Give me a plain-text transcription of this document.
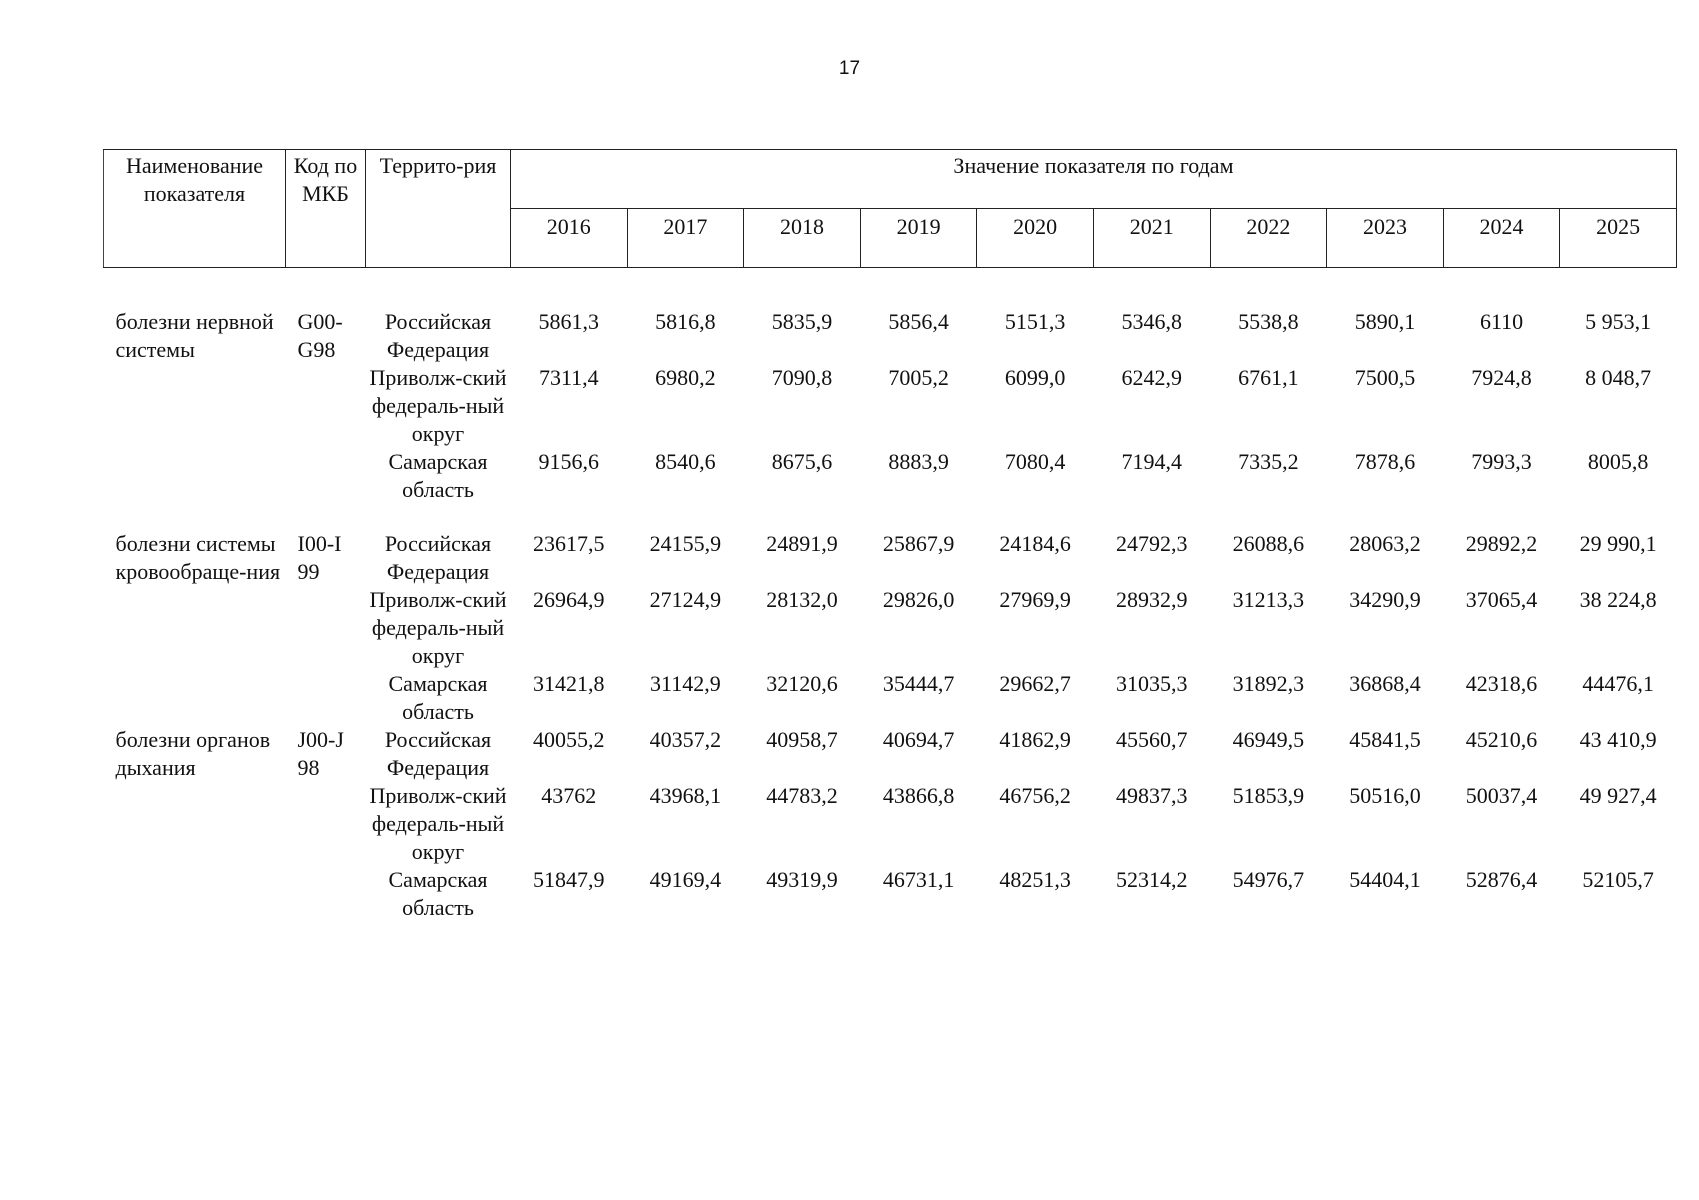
17
Наименование показателя	Код по МКБ	Террито-рия	Значение показателя по годам									
			2016	2017	2018	2019	2020	2021	2022	2023	2024	2025

болезни нервной системы	G00-G98	Российская Федерация	5861,3	5816,8	5835,9	5856,4	5151,3	5346,8	5538,8	5890,1	6110	5 953,1
		Приволж-ский федераль-ный округ	7311,4	6980,2	7090,8	7005,2	6099,0	6242,9	6761,1	7500,5	7924,8	8 048,7
		Самарская область	9156,6	8540,6	8675,6	8883,9	7080,4	7194,4	7335,2	7878,6	7993,3	8005,8

болезни системы кровообраще-ния	I00-I99	Российская Федерация	23617,5	24155,9	24891,9	25867,9	24184,6	24792,3	26088,6	28063,2	29892,2	29 990,1
		Приволж-ский федераль-ный округ	26964,9	27124,9	28132,0	29826,0	27969,9	28932,9	31213,3	34290,9	37065,4	38 224,8
		Самарская область	31421,8	31142,9	32120,6	35444,7	29662,7	31035,3	31892,3	36868,4	42318,6	44476,1
болезни органов дыхания	J00-J98	Российская Федерация	40055,2	40357,2	40958,7	40694,7	41862,9	45560,7	46949,5	45841,5	45210,6	43 410,9
		Приволж-ский федераль-ный округ	43762	43968,1	44783,2	43866,8	46756,2	49837,3	51853,9	50516,0	50037,4	49 927,4
		Самарская область	51847,9	49169,4	49319,9	46731,1	48251,3	52314,2	54976,7	54404,1	52876,4	52105,7
